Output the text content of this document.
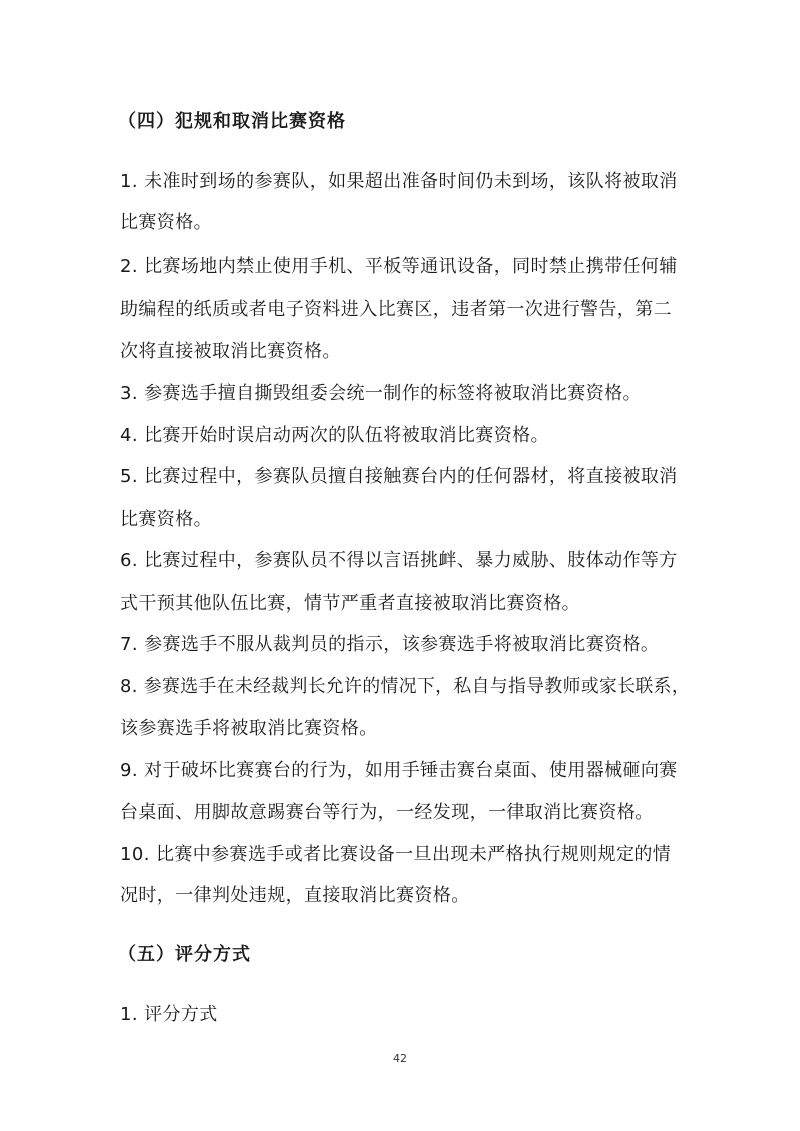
（四）犯规和取消比赛资格
1. 未准时到场的参赛队，如果超出准备时间仍未到场，该队将被取消
比赛资格。
2. 比赛场地内禁止使用手机、平板等通讯设备，同时禁止携带任何辅
助编程的纸质或者电子资料进入比赛区，违者第一次进行警告，第二
次将直接被取消比赛资格。
3. 参赛选手擅自撕毁组委会统一制作的标签将被取消比赛资格。
4. 比赛开始时误启动两次的队伍将被取消比赛资格。
5. 比赛过程中，参赛队员擅自接触赛台内的任何器材，将直接被取消
比赛资格。
6. 比赛过程中，参赛队员不得以言语挑衅、暴力威胁、肢体动作等方
式干预其他队伍比赛，情节严重者直接被取消比赛资格。
7. 参赛选手不服从裁判员的指示，该参赛选手将被取消比赛资格。
8. 参赛选手在未经裁判长允许的情况下，私自与指导教师或家长联系，
该参赛选手将被取消比赛资格。
9. 对于破坏比赛赛台的行为，如用手锤击赛台桌面、使用器械砸向赛
台桌面、用脚故意踢赛台等行为，一经发现，一律取消比赛资格。
10. 比赛中参赛选手或者比赛设备一旦出现未严格执行规则规定的情
况时，一律判处违规，直接取消比赛资格。
（五）评分方式
1. 评分方式
42
